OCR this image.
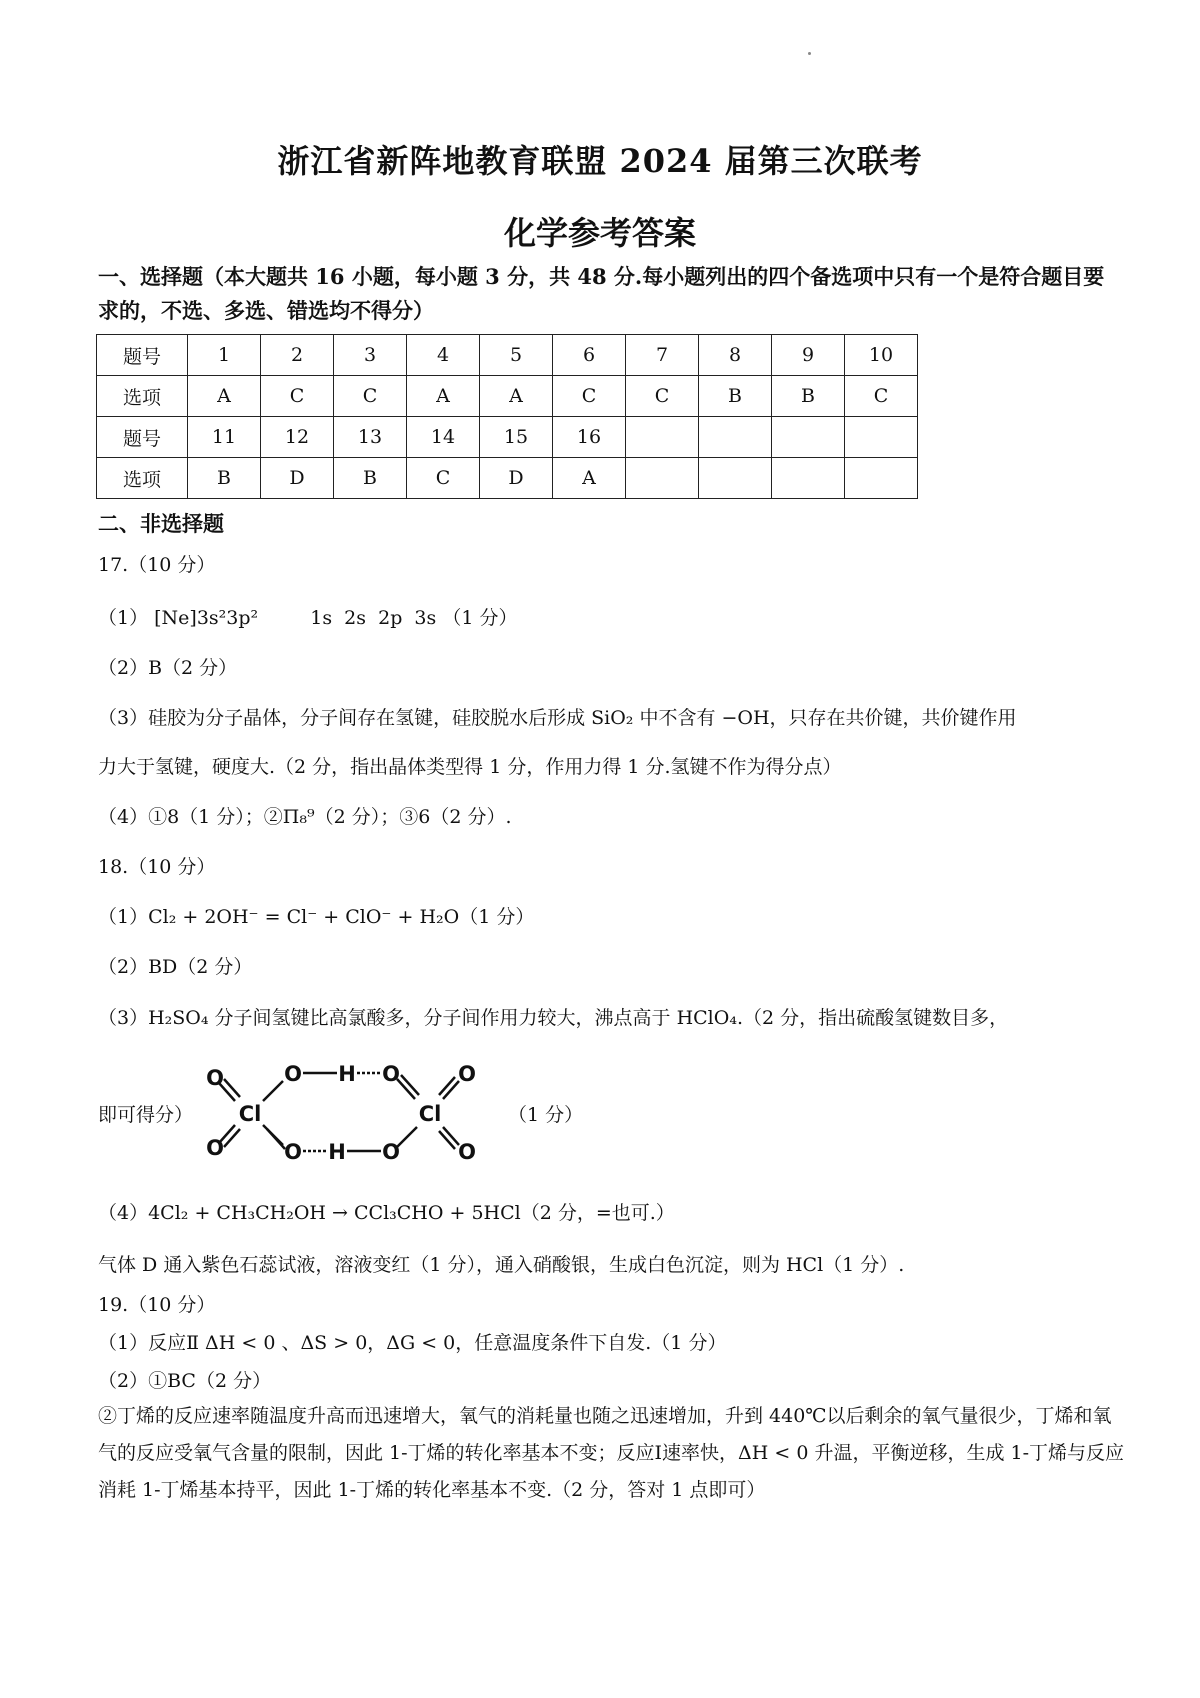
浙江省新阵地教育联盟 2024 届第三次联考
化学参考答案
一、选择题（本大题共 16 小题，每小题 3 分，共 48 分.每小题列出的四个备选项中只有一个是符合题目要求的，不选、多选、错选均不得分）
题号	1	2	3	4	5	6	7	8	9	10
选项	A	C	C	A	A	C	C	B	B	C
题号	11	12	13	14	15	16				
选项	B	D	B	C	D	A				
二、非选择题
17.（10 分）
（1） [Ne]3s²3p²	1s  2s  2p  3s （1 分）
（2）B（2 分）
（3）硅胶为分子晶体，分子间存在氢键，硅胶脱水后形成 SiO₂ 中不含有 −OH，只存在共价键，共价键作用
力大于氢键，硬度大.（2 分，指出晶体类型得 1 分，作用力得 1 分.氢键不作为得分点）
（4）①8（1 分）；②Π₈⁹（2 分）；③6（2 分）.
18.（10 分）
（1）Cl₂ + 2OH⁻ = Cl⁻ + ClO⁻ + H₂O（1 分）
（2）BD（2 分）
（3）H₂SO₄ 分子间氢键比高氯酸多，分子间作用力较大，沸点高于 HClO₄.（2 分，指出硫酸氢键数目多，
即可得分）
O
O
Cl
O
O
H
H
O
O
Cl
O
O
（1 分）
（4）4Cl₂ + CH₃CH₂OH → CCl₃CHO + 5HCl（2 分，=也可.）
气体 D 通入紫色石蕊试液，溶液变红（1 分），通入硝酸银，生成白色沉淀，则为 HCl（1 分）.
19.（10 分）
（1）反应Ⅱ ΔH < 0 、ΔS > 0，ΔG < 0，任意温度条件下自发.（1 分）
（2）①BC（2 分）
②丁烯的反应速率随温度升高而迅速增大，氧气的消耗量也随之迅速增加，升到 440℃以后剩余的氧气量很少，丁烯和氧气的反应受氧气含量的限制，因此 1-丁烯的转化率基本不变；反应Ⅰ速率快，ΔH < 0 升温，平衡逆移，生成 1-丁烯与反应消耗 1-丁烯基本持平，因此 1-丁烯的转化率基本不变.（2 分，答对 1 点即可）
